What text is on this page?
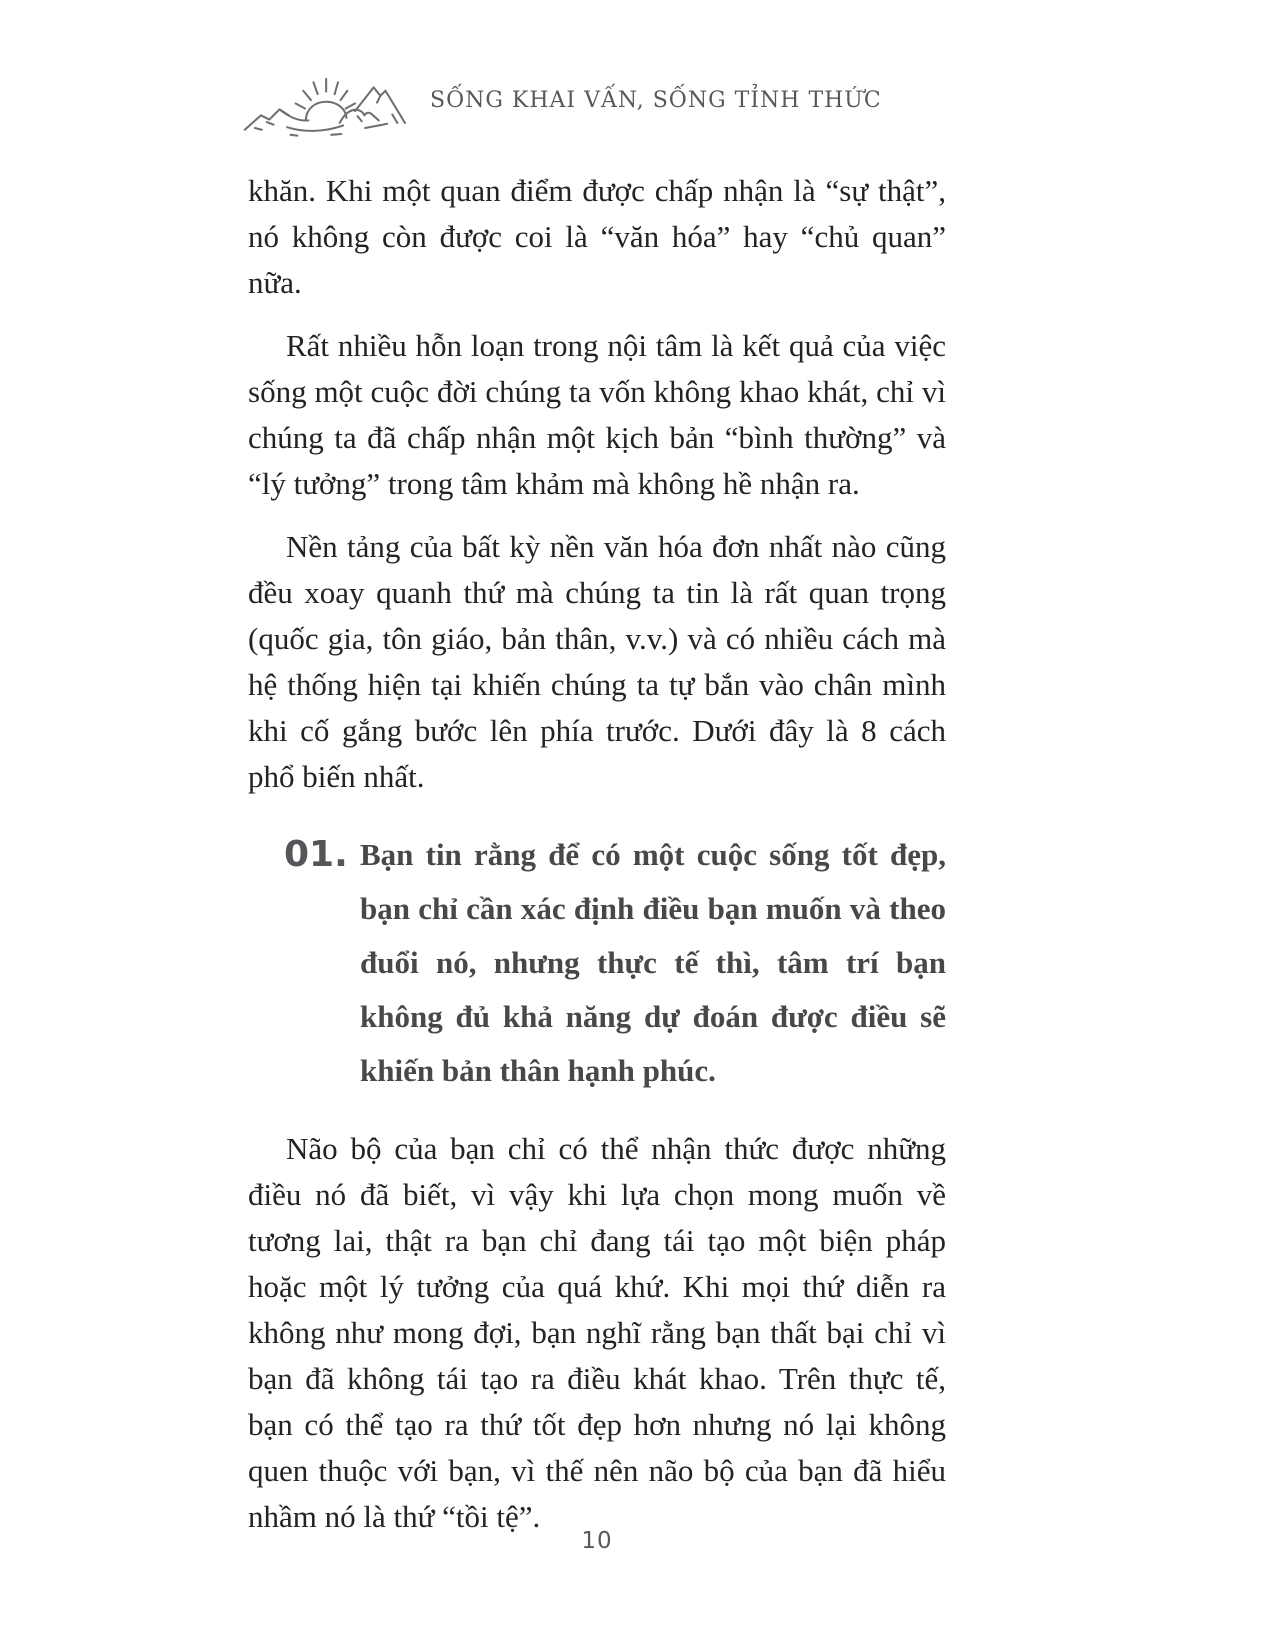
SỐNG KHAI VẤN, SỐNG TỈNH THỨC

khăn. Khi một quan điểm được chấp nhận là “sự thật”, nó không còn được coi là “văn hóa” hay “chủ quan” nữa.

Rất nhiều hỗn loạn trong nội tâm là kết quả của việc sống một cuộc đời chúng ta vốn không khao khát, chỉ vì chúng ta đã chấp nhận một kịch bản “bình thường” và “lý tưởng” trong tâm khảm mà không hề nhận ra.

Nền tảng của bất kỳ nền văn hóa đơn nhất nào cũng đều xoay quanh thứ mà chúng ta tin là rất quan trọng (quốc gia, tôn giáo, bản thân, v.v.) và có nhiều cách mà hệ thống hiện tại khiến chúng ta tự bắn vào chân mình khi cố gắng bước lên phía trước. Dưới đây là 8 cách phổ biến nhất.

01. Bạn tin rằng để có một cuộc sống tốt đẹp, bạn chỉ cần xác định điều bạn muốn và theo đuổi nó, nhưng thực tế thì, tâm trí bạn không đủ khả năng dự đoán được điều sẽ khiến bản thân hạnh phúc.

Não bộ của bạn chỉ có thể nhận thức được những điều nó đã biết, vì vậy khi lựa chọn mong muốn về tương lai, thật ra bạn chỉ đang tái tạo một biện pháp hoặc một lý tưởng của quá khứ. Khi mọi thứ diễn ra không như mong đợi, bạn nghĩ rằng bạn thất bại chỉ vì bạn đã không tái tạo ra điều khát khao. Trên thực tế, bạn có thể tạo ra thứ tốt đẹp hơn nhưng nó lại không quen thuộc với bạn, vì thế nên não bộ của bạn đã hiểu nhầm nó là thứ “tồi tệ”.

10
